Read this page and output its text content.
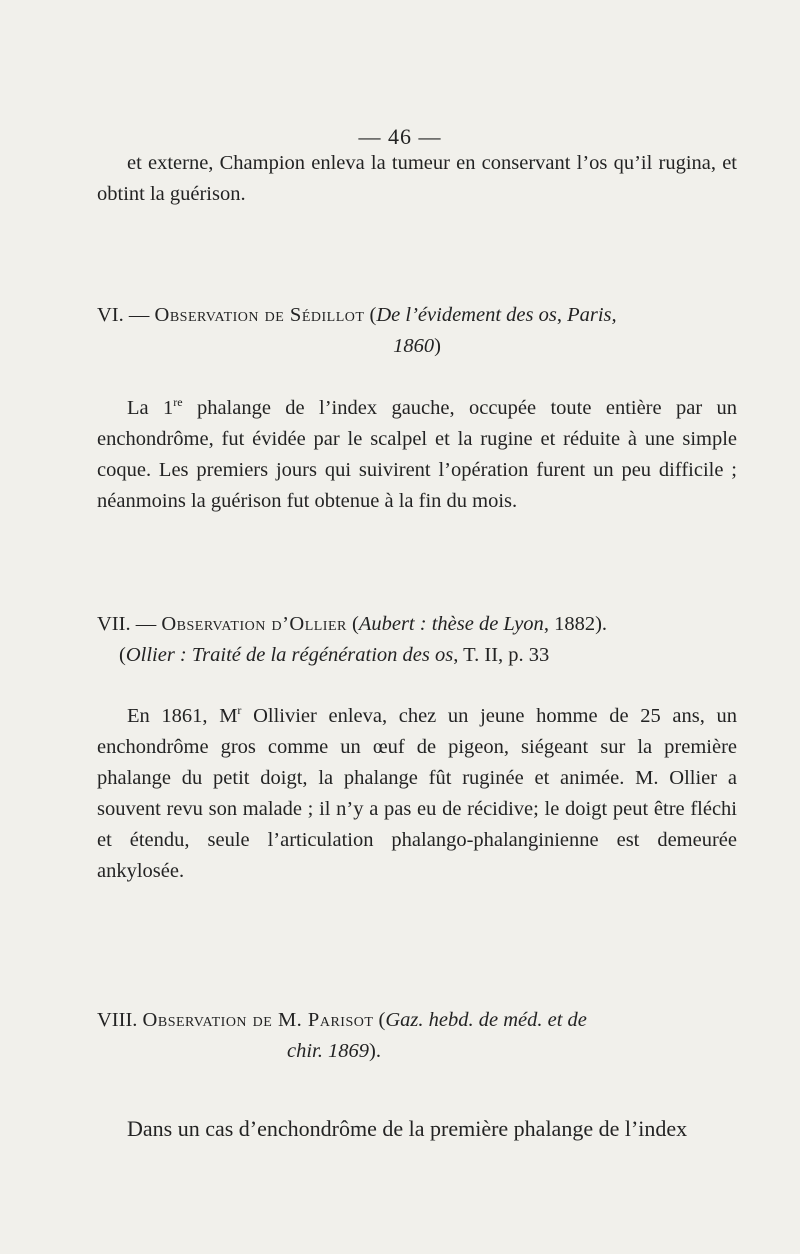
— 46 —
et externe, Champion enleva la tumeur en conservant l’os qu’il rugina, et obtint la guérison.
VI. — Observation de Sédillot (De l’évidement des os, Paris,
1860)
La 1re phalange de l’index gauche, occupée toute entière par un enchondrôme, fut évidée par le scalpel et la rugine et réduite à une simple coque. Les premiers jours qui suivirent l’opération furent un peu difficile ; néanmoins la guérison fut obtenue à la fin du mois.
VII. — Observation d’Ollier (Aubert : thèse de Lyon, 1882).
(Ollier : Traité de la régénération des os, T. II, p. 33
En 1861, $M^r$ Ollivier enleva, chez un jeune homme de 25 ans, un enchondrôme gros comme un œuf de pigeon, siégeant sur la première phalange du petit doigt, la phalange fût ruginée et animée. M. Ollier a souvent revu son malade ; il n’y a pas eu de récidive; le doigt peut être fléchi et étendu, seule l’articulation phalango-phalanginienne est demeurée ankylosée.
VIII. Observation de M. Parisot (Gaz. hebd. de méd. et de
chir. 1869).
Dans un cas d’enchondrôme de la première phalange de l’index
